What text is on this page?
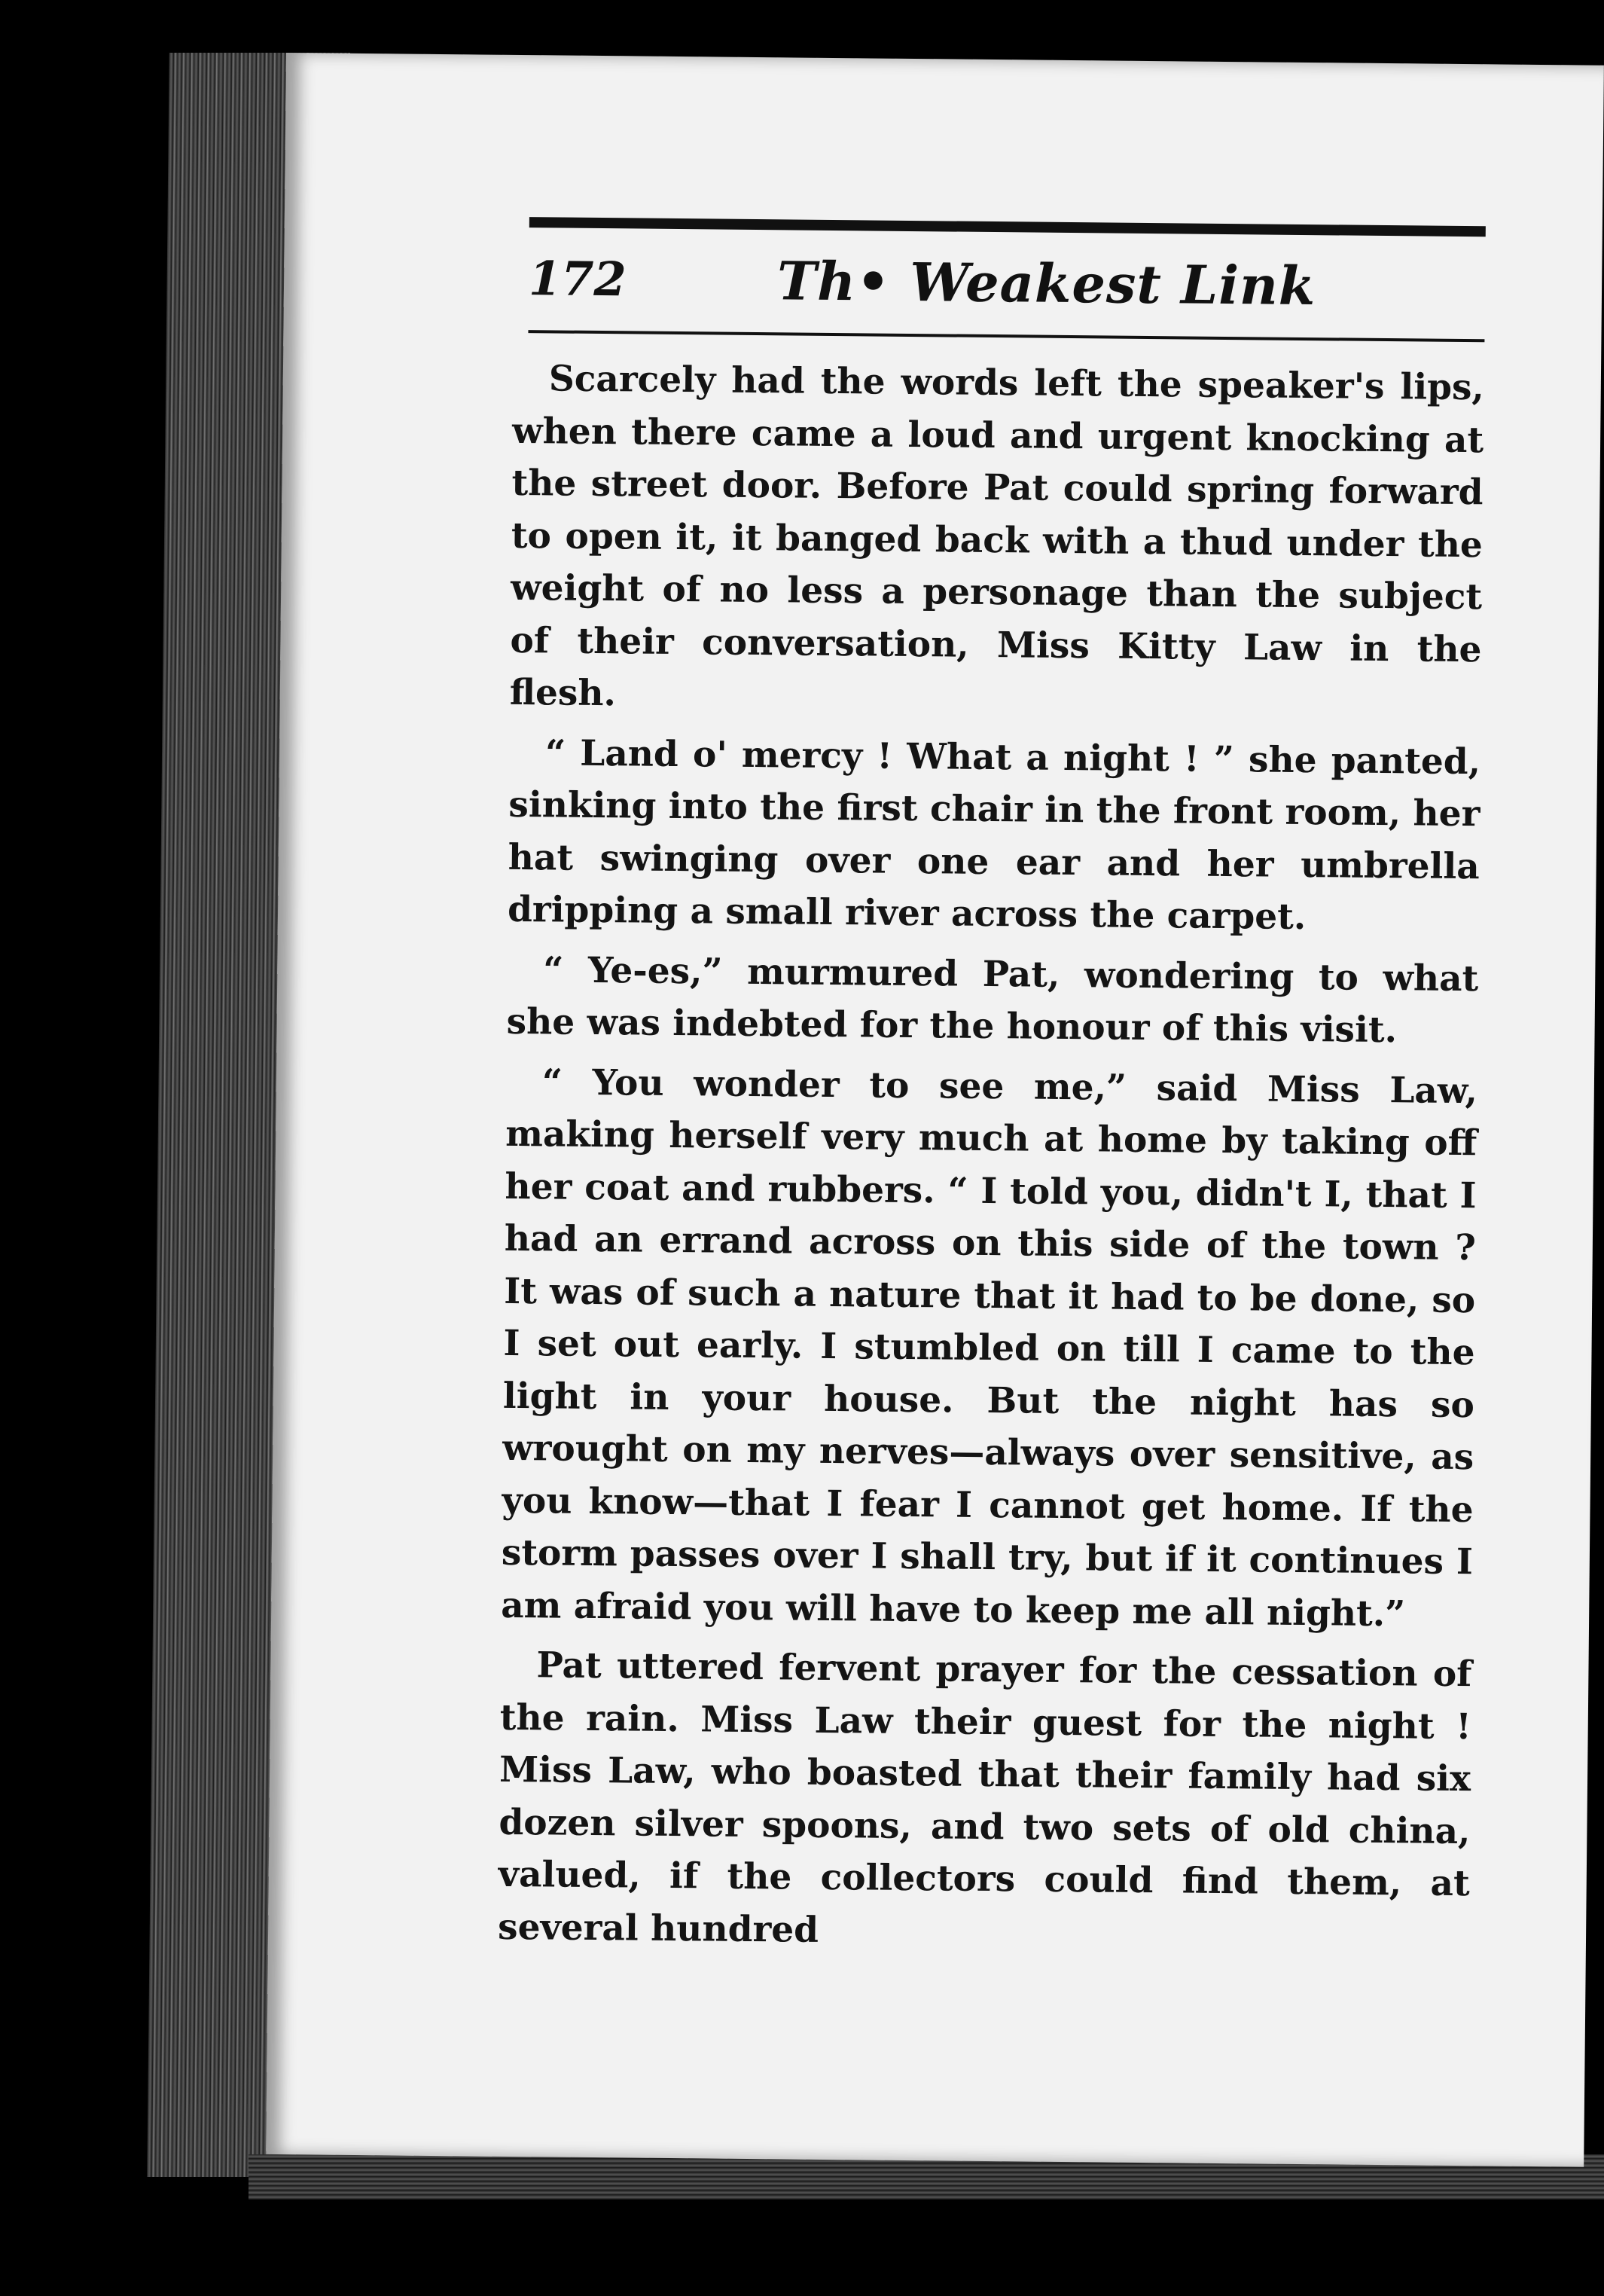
172	Th• Weakest Link

Scarcely had the words left the speaker's lips, when there came a loud and urgent knocking at the street door. Before Pat could spring forward to open it, it banged back with a thud under the weight of no less a personage than the subject of their conversation, Miss Kitty Law in the flesh.

“ Land o' mercy ! What a night ! ” she panted, sinking into the first chair in the front room, her hat swinging over one ear and her umbrella dripping a small river across the carpet.

“ Ye-es,” murmured Pat, wondering to what she was indebted for the honour of this visit.

“ You wonder to see me,” said Miss Law, making herself very much at home by taking off her coat and rubbers. “ I told you, didn't I, that I had an errand across on this side of the town ? It was of such a nature that it had to be done, so I set out early. I stumbled on till I came to the light in your house. But the night has so wrought on my nerves—always over sensitive, as you know—that I fear I cannot get home. If the storm passes over I shall try, but if it continues I am afraid you will have to keep me all night.”

Pat uttered fervent prayer for the cessation of the rain. Miss Law their guest for the night ! Miss Law, who boasted that their family had six dozen silver spoons, and two sets of old china, valued, if the collectors could find them, at several hundred
